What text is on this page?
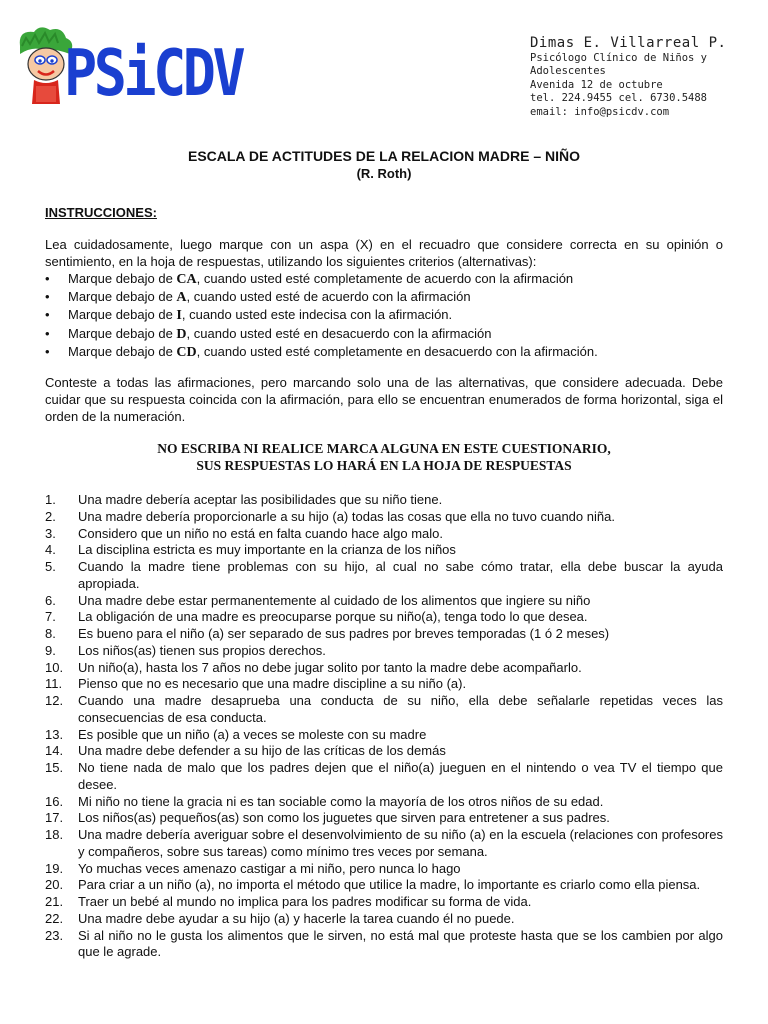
PSiCDV	Dimas E. Villarreal P.
Psicólogo Clínico de Niños y
Adolescentes
Avenida 12 de octubre
tel. 224.9455 cel. 6730.5488
email: info@psicdv.com
ESCALA DE ACTITUDES DE LA RELACION MADRE – NIÑO
(R. Roth)
INSTRUCCIONES:
Lea cuidadosamente, luego marque con un aspa (X) en el recuadro que considere correcta en su opinión o sentimiento, en la hoja de respuestas, utilizando los siguientes criterios (alternativas):
•	Marque debajo de CA, cuando usted esté completamente de acuerdo con la afirmación
•	Marque debajo de A, cuando usted esté de acuerdo con la afirmación
•	Marque debajo de I, cuando usted este indecisa con la afirmación.
•	Marque debajo de D, cuando usted esté en desacuerdo con la afirmación
•	Marque debajo de CD, cuando usted esté completamente en desacuerdo con la afirmación.
Conteste a todas las afirmaciones, pero marcando solo una de las alternativas, que considere adecuada. Debe cuidar que su respuesta coincida con la afirmación, para ello se encuentran enumerados de forma horizontal, siga el orden de la numeración.
NO ESCRIBA NI REALICE MARCA ALGUNA EN ESTE CUESTIONARIO,
SUS RESPUESTAS LO HARÁ EN LA HOJA DE RESPUESTAS
1.	Una madre debería aceptar las posibilidades que su niño tiene.
2.	Una madre debería proporcionarle a su hijo (a) todas las cosas que ella no tuvo cuando niña.
3.	Considero que un niño no está en falta cuando hace algo malo.
4.	La disciplina estricta es muy importante en la crianza de los niños
5.	Cuando la madre tiene problemas con su hijo, al cual no sabe cómo tratar, ella debe buscar la ayuda apropiada.
6.	Una madre debe estar permanentemente al cuidado de los alimentos que ingiere su niño
7.	La obligación de una madre es preocuparse porque su niño(a), tenga todo lo que desea.
8.	Es bueno para el niño (a) ser separado de sus padres por breves temporadas (1 ó 2 meses)
9.	Los niños(as) tienen sus propios derechos.
10.	Un niño(a), hasta los 7 años no debe jugar solito por tanto la madre debe acompañarlo.
11.	Pienso que no es necesario que una madre discipline a su niño (a).
12.	Cuando una madre desaprueba una conducta de su niño, ella debe señalarle repetidas veces las consecuencias de esa conducta.
13.	Es posible que un niño (a) a veces se moleste con su madre
14.	Una madre debe defender a su hijo de las críticas de los demás
15.	No tiene nada de malo que los padres dejen que el niño(a) jueguen en el nintendo o vea TV el tiempo que desee.
16.	Mi niño no tiene la gracia ni es tan sociable como la mayoría de los otros niños de su edad.
17.	Los niños(as) pequeños(as) son como los juguetes que sirven para entretener a sus padres.
18.	Una madre debería averiguar sobre el desenvolvimiento de su niño (a) en la escuela (relaciones con profesores y compañeros, sobre sus tareas) como mínimo tres veces por semana.
19.	Yo muchas veces amenazo castigar a mi niño, pero nunca lo hago
20.	Para criar a un niño (a), no importa el método que utilice la madre, lo importante es criarlo como ella piensa.
21.	Traer un bebé al mundo no implica para los padres modificar su forma de vida.
22.	Una madre debe ayudar a su hijo (a) y hacerle la tarea cuando él no puede.
23.	Si al niño no le gusta los alimentos que le sirven, no está mal que proteste hasta que se los cambien por algo que le agrade.
